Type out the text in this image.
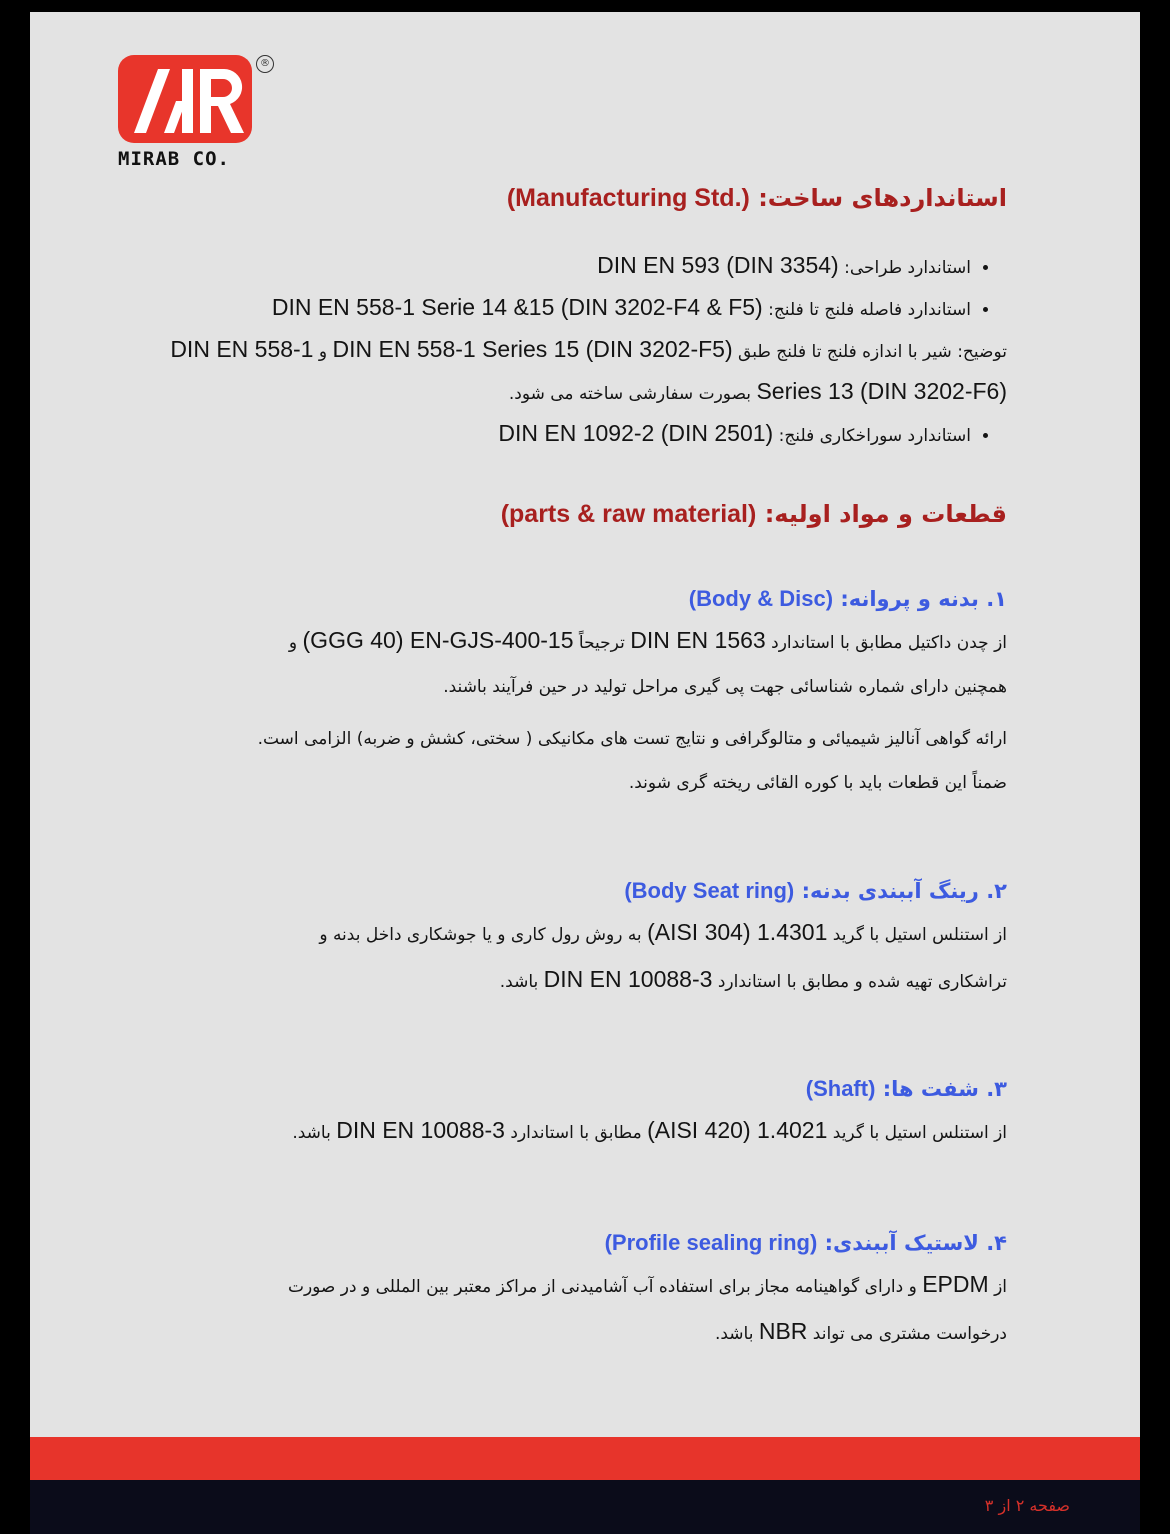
®
MIRAB CO.
استانداردهای ساخت: (Manufacturing Std.)
• استاندارد طراحی: DIN EN 593 (DIN 3354)
• استاندارد فاصله فلنج تا فلنج: DIN EN 558-1 Serie 14 &15 (DIN 3202-F4 & F5)

توضیح: شیر با اندازه فلنج تا فلنج طبق DIN EN 558-1 Series 15 (DIN 3202-F5) و DIN EN 558-1 Series 13 (DIN 3202-F6) بصورت سفارشی ساخته می شود.

• استاندارد سوراخکاری فلنج: DIN EN 1092-2 (DIN 2501)
قطعات و مواد اولیه: (parts & raw material)
۱. بدنه و پروانه: (Body & Disc)

از چدن داکتیل مطابق با استاندارد DIN EN 1563 ترجیحاً (GGG 40) EN-GJS-400-15 و
همچنین دارای شماره شناسائی جهت پی گیری مراحل تولید در حین فرآیند باشند.

ارائه گواهی آنالیز شیمیائی و متالوگرافی و نتایج تست های مکانیکی ( سختی، کشش و ضربه) الزامی است.
ضمناً این قطعات باید با کوره القائی ریخته گری شوند.

۲. رینگ آببندی بدنه: (Body Seat ring)

از استنلس استیل با گرید (AISI 304) 1.4301 به روش رول کاری و یا جوشکاری داخل بدنه و
تراشکاری تهیه شده و مطابق با استاندارد DIN EN 10088-3 باشد.

۳. شفت ها: (Shaft)

از استنلس استیل با گرید (AISI 420) 1.4021 مطابق با استاندارد DIN EN 10088-3 باشد.

۴. لاستیک آببندی: (Profile sealing ring)

از EPDM و دارای گواهینامه مجاز برای استفاده آب آشامیدنی از مراکز معتبر بین المللی و در صورت
درخواست مشتری می تواند NBR باشد.

صفحه ۲ از ۳
